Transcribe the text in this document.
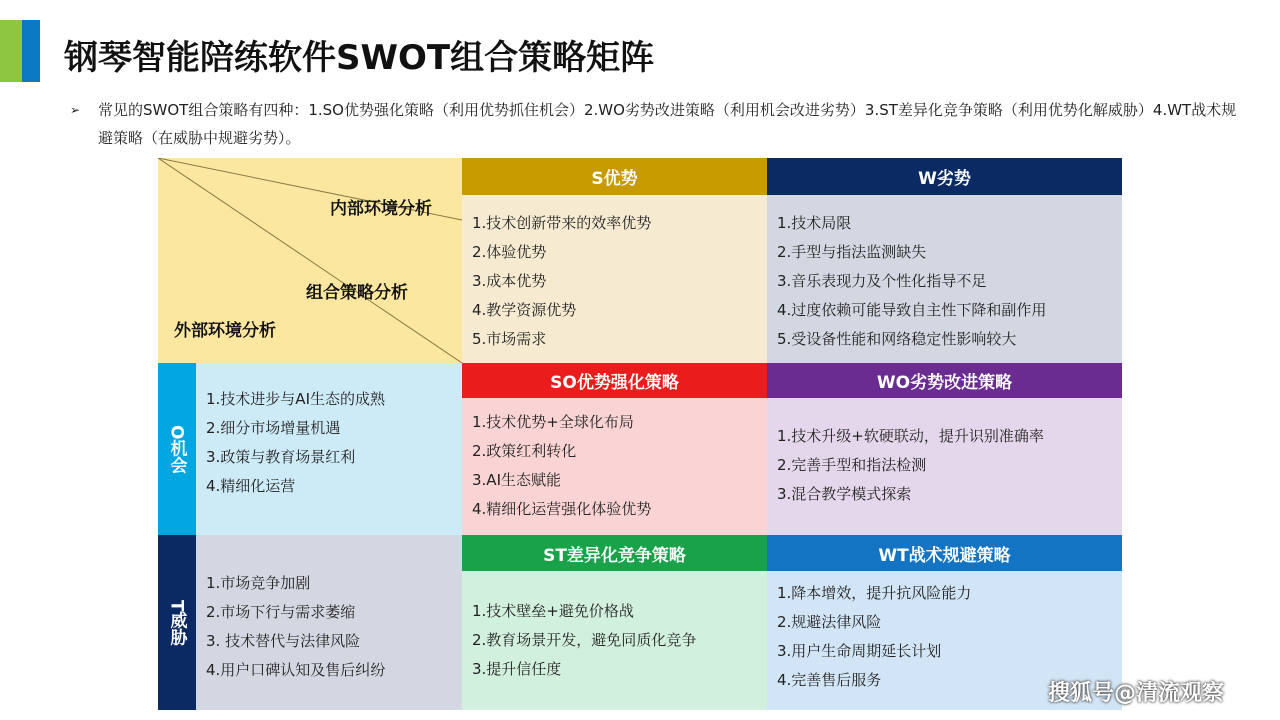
钢琴智能陪练软件SWOT组合策略矩阵
➢	常见的SWOT组合策略有四种：1.SO优势强化策略（利用优势抓住机会）2.WO劣势改进策略（利用机会改进劣势）3.ST差异化竞争策略（利用优势化解威胁）4.WT战术规避策略（在威胁中规避劣势）。
内部环境分析
组合策略分析
外部环境分析
S优势
1.技术创新带来的效率优势
2.体验优势
3.成本优势
4.教学资源优势
5.市场需求
W劣势
1.技术局限
2.手型与指法监测缺失
3.音乐表现力及个性化指导不足
4.过度依赖可能导致自主性下降和副作用
5.受设备性能和网络稳定性影响较大
O机会
1.技术进步与AI生态的成熟
2.细分市场增量机遇
3.政策与教育场景红利
4.精细化运营
SO优势强化策略
1.技术优势+全球化布局
2.政策红利转化
3.AI生态赋能
4.精细化运营强化体验优势
WO劣势改进策略
1.技术升级+软硬联动，提升识别准确率
2.完善手型和指法检测
3.混合教学模式探索
T威胁
1.市场竞争加剧
2.市场下行与需求萎缩
3. 技术替代与法律风险
4.用户口碑认知及售后纠纷
ST差异化竞争策略
1.技术壁垒+避免价格战
2.教育场景开发，避免同质化竞争
3.提升信任度
WT战术规避策略
1.降本增效，提升抗风险能力
2.规避法律风险
3.用户生命周期延长计划
4.完善售后服务
搜狐号@清流观察
